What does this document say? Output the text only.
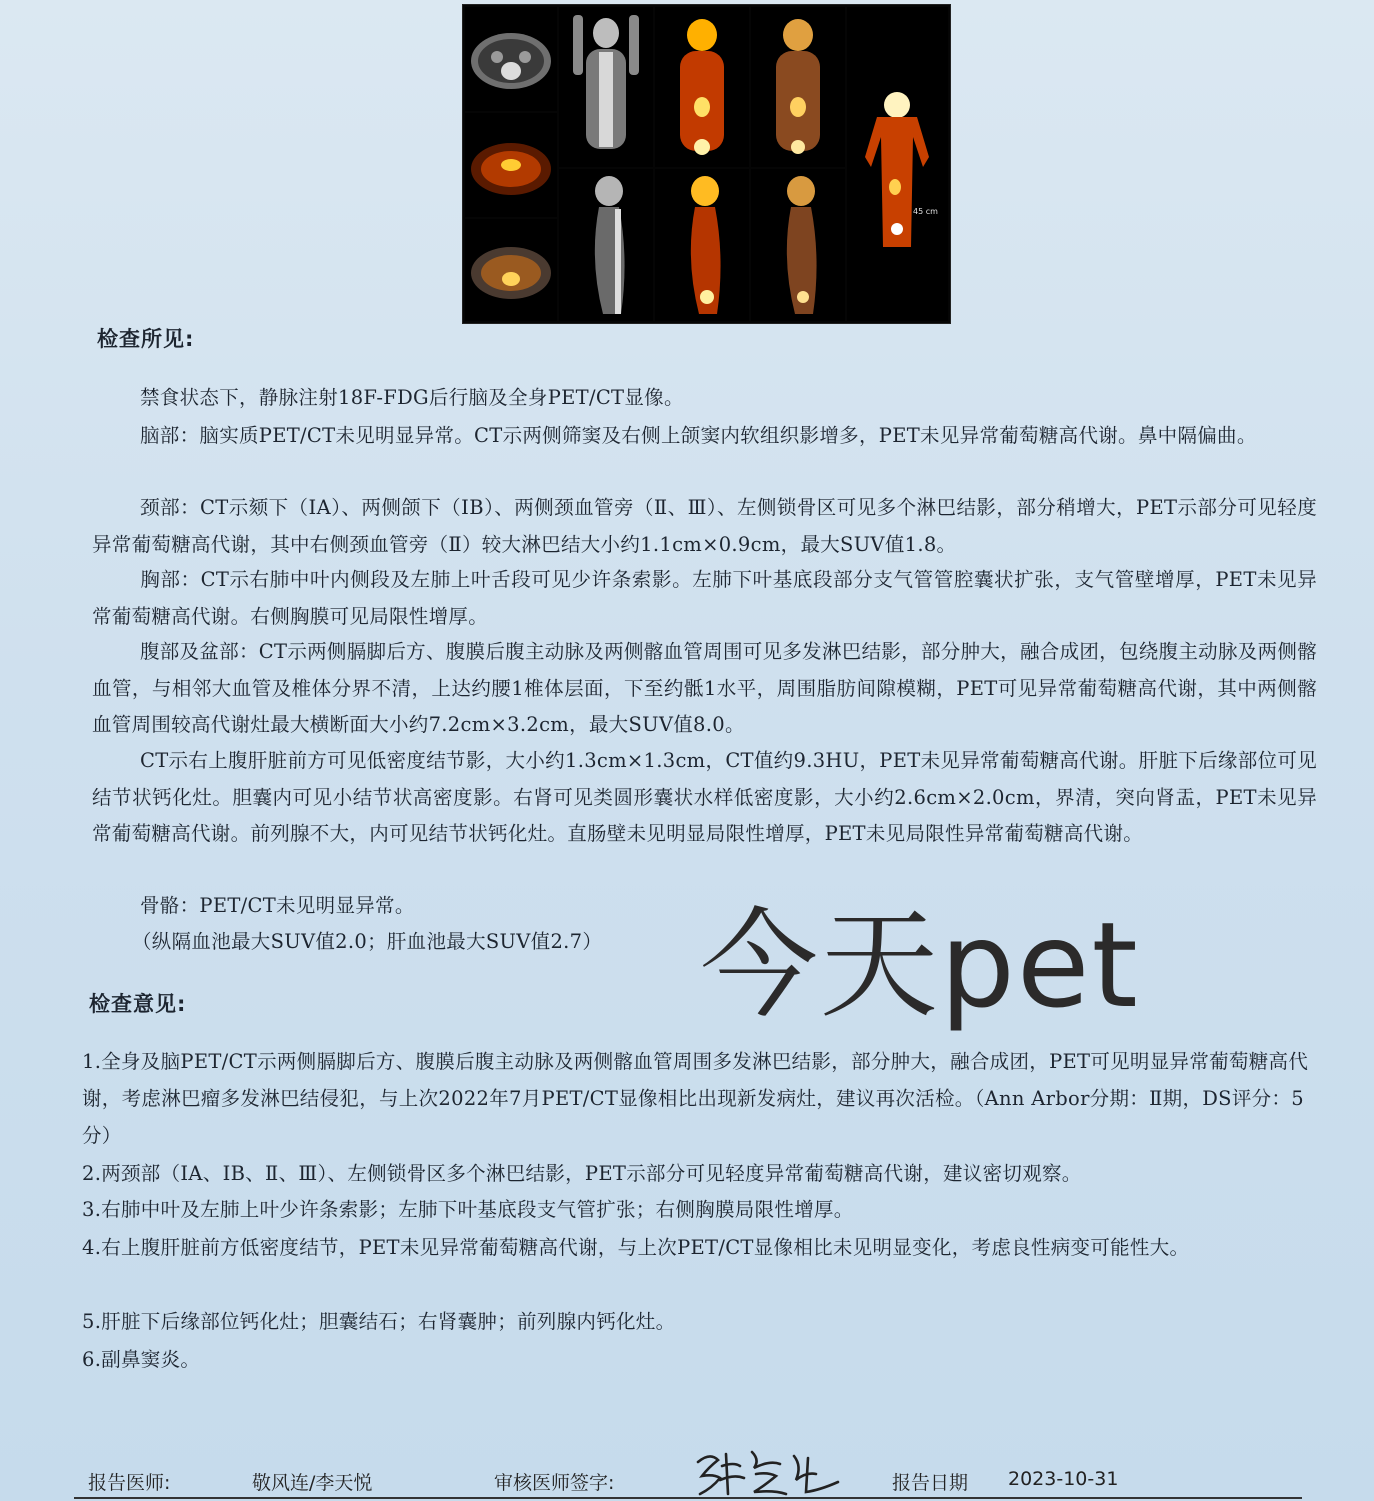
45 cm
检查所见:
禁食状态下，静脉注射18F-FDG后行脑及全身PET/CT显像。
脑部：脑实质PET/CT未见明显异常。CT示两侧筛窦及右侧上颌窦内软组织影增多，PET未见异常葡萄糖高代谢。鼻中隔偏曲。
颈部：CT示颏下（ⅠA）、两侧颌下（ⅠB）、两侧颈血管旁（Ⅱ、Ⅲ）、左侧锁骨区可见多个淋巴结影，部分稍增大，PET示部分可见轻度异常葡萄糖高代谢，其中右侧颈血管旁（Ⅱ）较大淋巴结大小约1.1cm×0.9cm，最大SUV值1.8。
胸部：CT示右肺中叶内侧段及左肺上叶舌段可见少许条索影。左肺下叶基底段部分支气管管腔囊状扩张，支气管壁增厚，PET未见异常葡萄糖高代谢。右侧胸膜可见局限性增厚。
腹部及盆部：CT示两侧膈脚后方、腹膜后腹主动脉及两侧髂血管周围可见多发淋巴结影，部分肿大，融合成团，包绕腹主动脉及两侧髂血管，与相邻大血管及椎体分界不清，上达约腰1椎体层面，下至约骶1水平，周围脂肪间隙模糊，PET可见异常葡萄糖高代谢，其中两侧髂血管周围较高代谢灶最大横断面大小约7.2cm×3.2cm，最大SUV值8.0。
CT示右上腹肝脏前方可见低密度结节影，大小约1.3cm×1.3cm，CT值约9.3HU，PET未见异常葡萄糖高代谢。肝脏下后缘部位可见结节状钙化灶。胆囊内可见小结节状高密度影。右肾可见类圆形囊状水样低密度影，大小约2.6cm×2.0cm，界清，突向肾盂，PET未见异常葡萄糖高代谢。前列腺不大，内可见结节状钙化灶。直肠壁未见明显局限性增厚，PET未见局限性异常葡萄糖高代谢。
骨骼：PET/CT未见明显异常。
（纵隔血池最大SUV值2.0；肝血池最大SUV值2.7） 今天pet
检查意见:
1.全身及脑PET/CT示两侧膈脚后方、腹膜后腹主动脉及两侧髂血管周围多发淋巴结影，部分肿大，融合成团，PET可见明显异常葡萄糖高代谢，考虑淋巴瘤多发淋巴结侵犯，与上次2022年7月PET/CT显像相比出现新发病灶，建议再次活检。（Ann Arbor分期：Ⅱ期，DS评分：5分）
2.两颈部（ⅠA、ⅠB、Ⅱ、Ⅲ）、左侧锁骨区多个淋巴结影，PET示部分可见轻度异常葡萄糖高代谢，建议密切观察。
3.右肺中叶及左肺上叶少许条索影；左肺下叶基底段支气管扩张；右侧胸膜局限性增厚。
4.右上腹肝脏前方低密度结节，PET未见异常葡萄糖高代谢，与上次PET/CT显像相比未见明显变化，考虑良性病变可能性大。
5.肝脏下后缘部位钙化灶；胆囊结石；右肾囊肿；前列腺内钙化灶。
6.副鼻窦炎。
报告医师:	敬风连/李天悦	审核医师签字:	报告日期 2023-10-31
